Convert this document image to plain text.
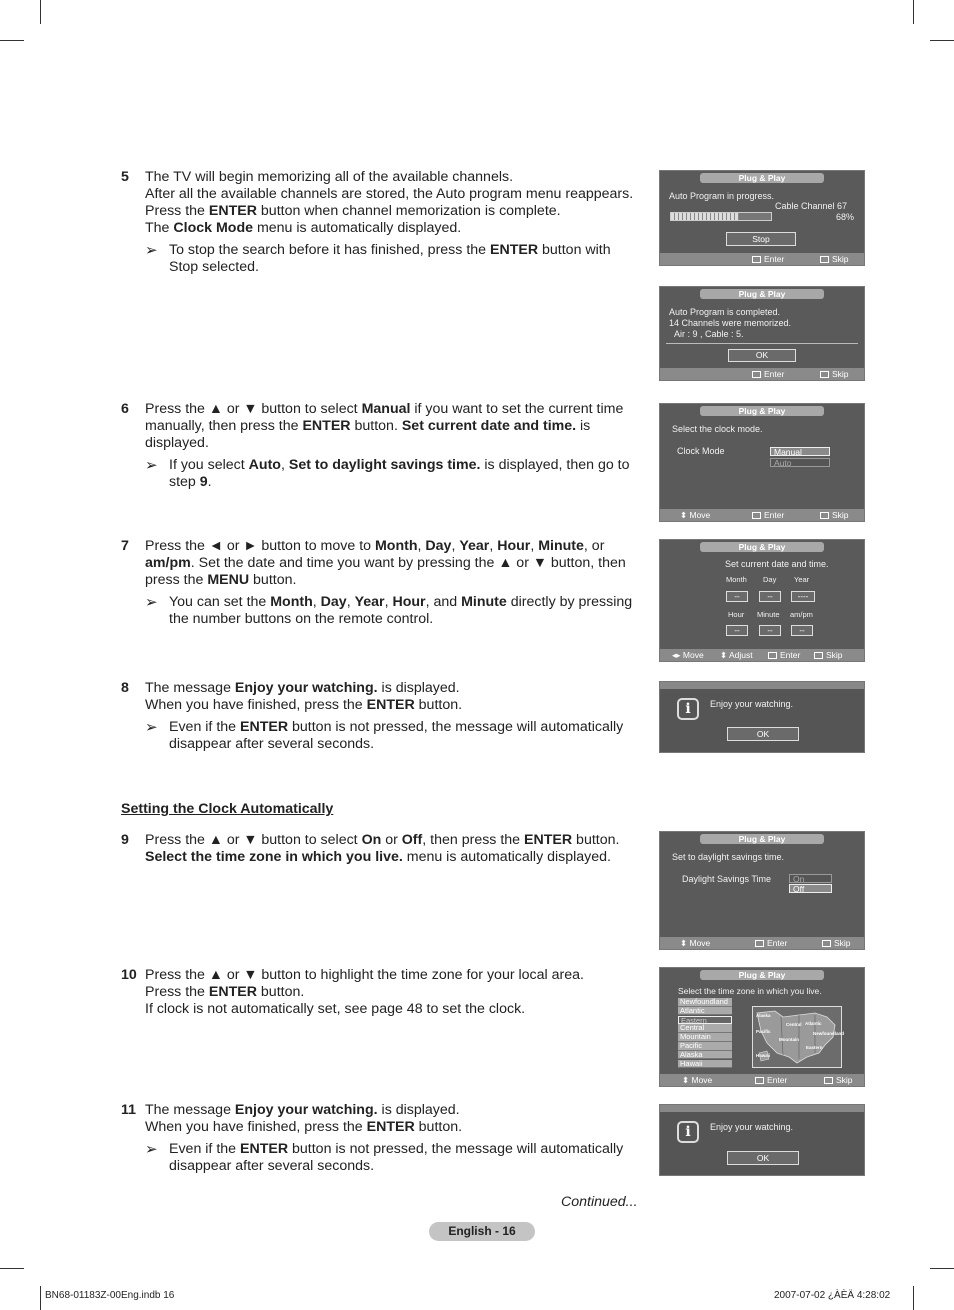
5	The TV will begin memorizing all of the available channels.

After all the available channels are stored, the Auto program menu reappears.

Press the ENTER button when channel memorization is complete.

The Clock Mode menu is automatically displayed.

➢ To stop the search before it has finished, press the ENTER button with Stop selected.
6	Press the ▲ or ▼ button to select Manual if you want to set the current time manually, then press the ENTER button. Set current date and time. is displayed.

➢ If you select Auto, Set to daylight savings time. is displayed, then go to step 9.
7	Press the ◄ or ► button to move to Month, Day, Year, Hour, Minute, or am/pm. Set the date and time you want by pressing the ▲ or ▼ button, then press the MENU button.

➢ You can set the Month, Day, Year, Hour, and Minute directly by pressing the number buttons on the remote control.
8	The message Enjoy your watching. is displayed.

When you have finished, press the ENTER button.

➢ Even if the ENTER button is not pressed, the message will automatically disappear after several seconds.
Setting the Clock Automatically
9	Press the ▲ or ▼ button to select On or Off, then press the ENTER button.

Select the time zone in which you live. menu is automatically displayed.

10 Press the ▲ or ▼ button to highlight the time zone for your local area.

Press the ENTER button.

If clock is not automatically set, see page 48 to set the clock.

11 The message Enjoy your watching. is displayed.

When you have finished, press the ENTER button.

➢ Even if the ENTER button is not pressed, the message will automatically disappear after several seconds.
Plug & Play
Auto Program in progress.
Cable Channel 67
68%
Stop
Enter	Skip
Plug & Play
Auto Program is completed.
14 Channels were memorized.
Air : 9 , Cable : 5.
OK
Enter	Skip
Plug & Play
Select the clock mode.
Clock Mode	Manual
Auto
⬍ Move	Enter	Skip
Plug & Play
Set current date and time.
Month Day Year
--	--	----
Hour Minute am/pm
--	--	--
◂▸ Move ⬍ Adjust	Enter	Skip
i	Enjoy your watching.
OK
Plug & Play
Set to daylight savings time.
Daylight Savings Time	On
Off
⬍ Move	Enter	Skip
Plug & Play
Select the time zone in which you live.
Newfoundland
Atlantic
Eastern
Central
Mountain
Pacific
Alaska
Hawaii
Alaska
Pacific
Central Atlantic
Eastern
Mountain
Newfoundland
Hawaii
⬍ Move	Enter	Skip
i	Enjoy your watching.
OK
Continued...
English - 16
BN68-01183Z-00Eng.indb 16	2007-07-02 ¿ÀÈÄ 4:28:02
